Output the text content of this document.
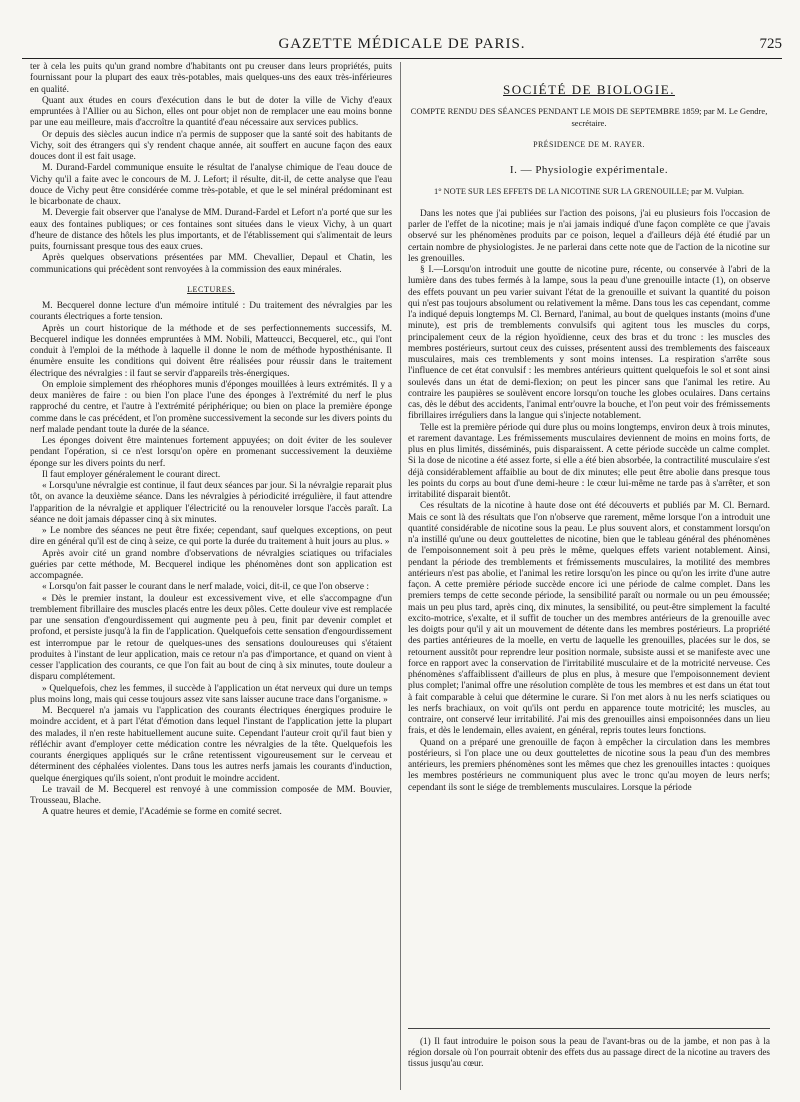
GAZETTE MÉDICALE DE PARIS.	725

ter à cela les puits qu'un grand nombre d'habitants ont pu creuser dans leurs propriétés, puits fournissant pour la plupart des eaux très-potables, mais quelques-uns des eaux très-inférieures en qualité.

Quant aux études en cours d'exécution dans le but de doter la ville de Vichy d'eaux empruntées à l'Allier ou au Sichon, elles ont pour objet non de remplacer une eau moins bonne par une eau meilleure, mais d'accroître la quantité d'eau nécessaire aux services publics.

Or depuis des siècles aucun indice n'a permis de supposer que la santé soit des habitants de Vichy, soit des étrangers qui s'y rendent chaque année, ait souffert en aucune façon des eaux douces dont il est fait usage.

M. Durand-Fardel communique ensuite le résultat de l'analyse chimique de l'eau douce de Vichy qu'il a faite avec le concours de M. J. Lefort; il résulte, dit-il, de cette analyse que l'eau douce de Vichy peut être considérée comme très-potable, et que le sel minéral prédominant est le bicarbonate de chaux.

M. Devergie fait observer que l'analyse de MM. Durand-Fardel et Lefort n'a porté que sur les eaux des fontaines publiques; or ces fontaines sont situées dans le vieux Vichy, à un quart d'heure de distance des hôtels les plus importants, et de l'établissement qui s'alimentait de leurs puits, fournissant presque tous des eaux crues.

Après quelques observations présentées par MM. Chevallier, Depaul et Chatin, les communications qui précèdent sont renvoyées à la commission des eaux minérales.

LECTURES.

M. Becquerel donne lecture d'un mémoire intitulé : Du traitement des névralgies par les courants électriques a forte tension.

Après un court historique de la méthode et de ses perfectionnements successifs, M. Becquerel indique les données empruntées à MM. Nobili, Matteucci, Becquerel, etc., qui l'ont conduit à l'emploi de la méthode à laquelle il donne le nom de méthode hyposthénisante. Il énumère ensuite les conditions qui doivent être réalisées pour réussir dans le traitement électrique des névralgies : il faut se servir d'appareils très-énergiques.

On emploie simplement des rhéophores munis d'éponges mouillées à leurs extrémités. Il y a deux manières de faire : ou bien l'on place l'une des éponges à l'extrémité du nerf le plus rapproché du centre, et l'autre à l'extrémité périphérique; ou bien on place la première éponge comme dans le cas précédent, et l'on promène successivement la seconde sur les divers points du nerf malade pendant toute la durée de la séance.

Les éponges doivent être maintenues fortement appuyées; on doit éviter de les soulever pendant l'opération, si ce n'est lorsqu'on opère en promenant successivement la deuxième éponge sur les divers points du nerf.

Il faut employer généralement le courant direct.

« Lorsqu'une névralgie est continue, il faut deux séances par jour. Si la névralgie reparait plus tôt, on avance la deuxième séance. Dans les névralgies à périodicité irrégulière, il faut attendre l'apparition de la névralgie et appliquer l'électricité ou la renouveler lorsque l'accès paraît. La séance ne doit jamais dépasser cinq à six minutes.

» Le nombre des séances ne peut être fixée; cependant, sauf quelques exceptions, on peut dire en général qu'il est de cinq à seize, ce qui porte la durée du traitement à huit jours au plus. »

Après avoir cité un grand nombre d'observations de névralgies sciatiques ou trifaciales guéries par cette méthode, M. Becquerel indique les phénomènes dont son application est accompagnée.

« Lorsqu'on fait passer le courant dans le nerf malade, voici, dit-il, ce que l'on observe :

« Dès le premier instant, la douleur est excessivement vive, et elle s'accompagne d'un tremblement fibrillaire des muscles placés entre les deux pôles. Cette douleur vive est remplacée par une sensation d'engourdissement qui augmente peu à peu, finit par devenir complet et profond, et persiste jusqu'à la fin de l'application. Quelquefois cette sensation d'engourdissement est interrompue par le retour de quelques-unes des sensations douloureuses qui s'étaient produites à l'instant de leur application, mais ce retour n'a pas d'importance, et quand on vient à cesser l'application des courants, ce que l'on fait au bout de cinq à six minutes, toute douleur a disparu complétement.

» Quelquefois, chez les femmes, il succède à l'application un état nerveux qui dure un temps plus moins long, mais qui cesse toujours assez vite sans laisser aucune trace dans l'organisme. »

M. Becquerel n'a jamais vu l'application des courants électriques énergiques produire le moindre accident, et à part l'état d'émotion dans lequel l'instant de l'application jette la plupart des malades, il n'en reste habituellement aucune suite. Cependant l'auteur croit qu'il faut bien y réfléchir avant d'employer cette médication contre les névralgies de la tête. Quelquefois les courants énergiques appliqués sur le crâne retentissent vigoureusement sur le cerveau et déterminent des céphalées violentes. Dans tous les autres nerfs jamais les courants d'induction, quelque énergiques qu'ils soient, n'ont produit le moindre accident.

Le travail de M. Becquerel est renvoyé à une commission composée de MM. Bouvier, Trousseau, Blache.

A quatre heures et demie, l'Académie se forme en comité secret.

SOCIÉTÉ DE BIOLOGIE.

COMPTE RENDU DES SÉANCES PENDANT LE MOIS DE SEPTEMBRE 1859; par M. Le Gendre, secrétaire.

PRÉSIDENCE DE M. RAYER.
I. — Physiologie expérimentale.

1° NOTE SUR LES EFFETS DE LA NICOTINE SUR LA GRENOUILLE; par M. Vulpian.

Dans les notes que j'ai publiées sur l'action des poisons, j'ai eu plusieurs fois l'occasion de parler de l'effet de la nicotine; mais je n'ai jamais indiqué d'une façon complète ce que j'avais observé sur les phénomènes produits par ce poison, lequel a d'ailleurs déjà été étudié par un certain nombre de physiologistes. Je ne parlerai dans cette note que de l'action de la nicotine sur les grenouilles.

§ I.—Lorsqu'on introduit une goutte de nicotine pure, récente, ou conservée à l'abri de la lumière dans des tubes fermés à la lampe, sous la peau d'une grenouille intacte (1), on observe des effets pouvant un peu varier suivant l'état de la grenouille et suivant la quantité du poison qui n'est pas toujours absolument ou relativement la même. Dans tous les cas cependant, comme l'a indiqué depuis longtemps M. Cl. Bernard, l'animal, au bout de quelques instants (moins d'une minute), est pris de tremblements convulsifs qui agitent tous les muscles du corps, principalement ceux de la région hyoïdienne, ceux des bras et du tronc : les muscles des membres postérieurs, surtout ceux des cuisses, présentent aussi des tremblements des faisceaux musculaires, mais ces tremblements y sont moins intenses. La respiration s'arrête sous l'influence de cet état convulsif : les membres antérieurs quittent quelquefois le sol et sont ainsi soulevés dans un état de demi-flexion; on peut les pincer sans que l'animal les retire. Au contraire les paupières se soulèvent encore lorsqu'on touche les globes oculaires. Dans certains cas, dès le début des accidents, l'animal entr'ouvre la bouche, et l'on peut voir des frémissements fibrillaires irréguliers dans la langue qui s'injecte notablement.

Telle est la première période qui dure plus ou moins longtemps, environ deux à trois minutes, et rarement davantage. Les frémissements musculaires deviennent de moins en moins forts, de plus en plus limités, disséminés, puis disparaissent. A cette période succède un calme complet. Si la dose de nicotine a été assez forte, si elle a été bien absorbée, la contractilité musculaire s'est déjà considérablement affaiblie au bout de dix minutes; elle peut être abolie dans presque tous les points du corps au bout d'une demi-heure : le cœur lui-même ne tarde pas à s'arrêter, et son irritabilité disparait bientôt.

Ces résultats de la nicotine à haute dose ont été découverts et publiés par M. Cl. Bernard. Mais ce sont là des résultats que l'on n'observe que rarement, même lorsque l'on a introduit une quantité considérable de nicotine sous la peau. Le plus souvent alors, et constamment lorsqu'on n'a instillé qu'une ou deux gouttelettes de nicotine, bien que le tableau général des phénomènes de l'empoisonnement soit à peu près le même, quelques effets varient notablement. Ainsi, pendant la période des tremblements et frémissements musculaires, la motilité des membres antérieurs n'est pas abolie, et l'animal les retire lorsqu'on les pince ou qu'on les irrite d'une autre façon. A cette première période succède encore ici une période de calme complet. Dans les premiers temps de cette seconde période, la sensibilité paraît ou normale ou un peu émoussée; mais un peu plus tard, après cinq, dix minutes, la sensibilité, ou peut-être simplement la faculté excito-motrice, s'exalte, et il suffit de toucher un des membres antérieurs de la grenouille avec les doigts pour qu'il y ait un mouvement de détente dans les membres postérieurs. La propriété des parties antérieures de la moelle, en vertu de laquelle les grenouilles, placées sur le dos, se retournent aussitôt pour reprendre leur position normale, subsiste aussi et se manifeste avec une force en rapport avec la conservation de l'irritabilité musculaire et de la motricité nerveuse. Ces phénomènes s'affaiblissent d'ailleurs de plus en plus, à mesure que l'empoisonnement devient plus complet; l'animal offre une résolution complète de tous les membres et est dans un état tout à fait comparable à celui que détermine le curare. Si l'on met alors à nu les nerfs sciatiques ou les nerfs brachiaux, on voit qu'ils ont perdu en apparence toute motricité; les muscles, au contraire, ont conservé leur irritabilité. J'ai mis des grenouilles ainsi empoisonnées dans un lieu frais, et dès le lendemain, elles avaient, en général, repris toutes leurs fonctions.

Quand on a préparé une grenouille de façon à empêcher la circulation dans les membres postérieurs, si l'on place une ou deux gouttelettes de nicotine sous la peau d'un des membres antérieurs, les premiers phénomènes sont les mêmes que chez les grenouilles intactes : quoiques les membres postérieurs ne communiquent plus avec le tronc qu'au moyen de leurs nerfs; cependant ils sont le siége de tremblements musculaires. Lorsque la période

(1) Il faut introduire le poison sous la peau de l'avant-bras ou de la jambe, et non pas à la région dorsale où l'on pourrait obtenir des effets dus au passage direct de la nicotine au travers des tissus jusqu'au cœur.
